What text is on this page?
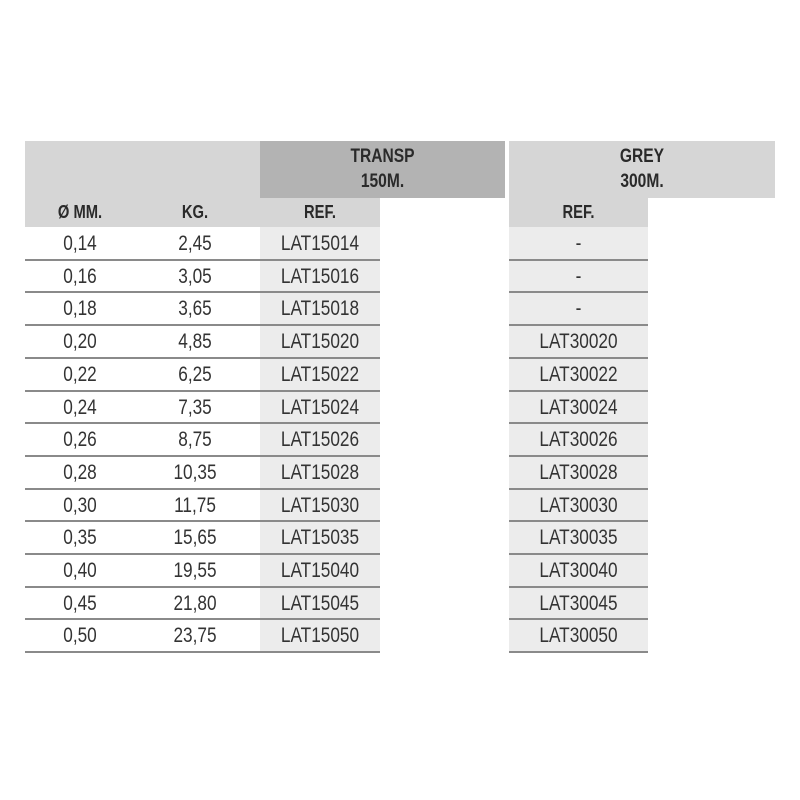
TRANSP
150M.
GREY
300M.
Ø MM.	KG.	REF.	REF.
0,14	2,45	LAT15014	-
0,16	3,05	LAT15016	-
0,18	3,65	LAT15018	-
0,20	4,85	LAT15020	LAT30020
0,22	6,25	LAT15022	LAT30022
0,24	7,35	LAT15024	LAT30024
0,26	8,75	LAT15026	LAT30026
0,28	10,35	LAT15028	LAT30028
0,30	11,75	LAT15030	LAT30030
0,35	15,65	LAT15035	LAT30035
0,40	19,55	LAT15040	LAT30040
0,45	21,80	LAT15045	LAT30045
0,50	23,75	LAT15050	LAT30050
